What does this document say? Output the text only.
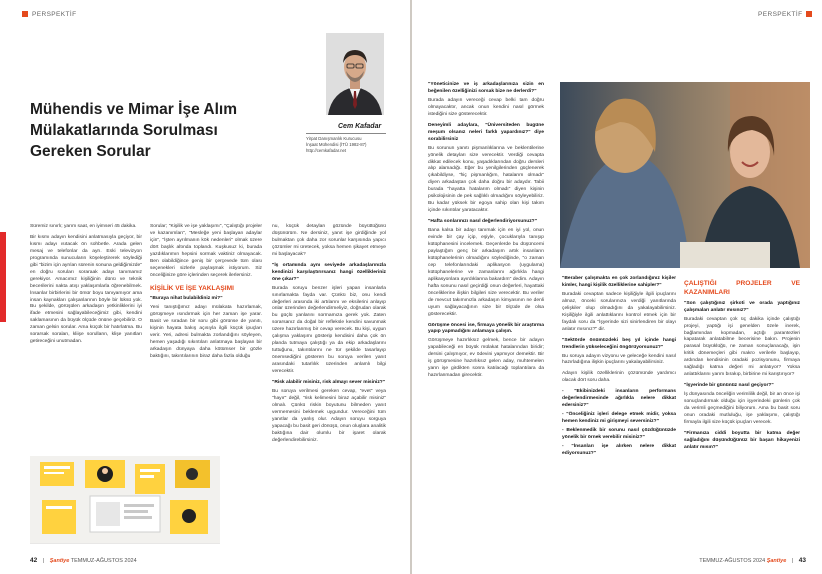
PERSPEKTİF
Mühendis ve Mimar İşe Alım Mülakatlarında Sorulması Gereken Sorular
Cem Kafadar
Yirpat Danışmanlık Kurucusu
İnşaat Mühendisi (İTÜ 1982-87)
http://cemkafadar.net

Süremiz sınırlı; yarım saat, en iyimseri 45 dakika.

Bir kısmı adayın kendisini anlatmasıyla geçiyor, bir kısmı adayı ısıtacak ön sohbetle. Arada gelen mesaj ve telefonlar da ayrı. Eski televizyon programında sunucuların köşeleştirerek söylediği gibi "bizim için ayrılan sürenin sonuna geldiğimizde" en doğru soruları soraraak adayı tanımamız gerekiyor. Amacımız kişiliğinin dünü ve teknik becerilerini nakta atışı yaklaşımlarla öğrenebilmek. İnsanlar birbirlerini bir ömür boyu tanıyamıyor ama insan kaynakları çalışanlarının böyle bir lüksü yok. Bu şekilde, görüşülen arkadaşın yetkinliklerini iyi ifade etmesini sağlayabileceğimiz gibi, kendini saklamasının da büyük ölçüde önüne geçebiliriz. O zaman gelsin sorular. Ama küçük bir hatırlatma. Bu sorarsak soraları, kliişe sorulların, klişe yanıtları getireceğini unutmadan.

Sorular; "Kişilik ve işe yaklaşımı", "Çalıştığı projeler ve kazanımları", "Mesleğe yeni başlayan adaylar için", "İşten ayrılmanın kök nedenleri" olmak üzere dört başlık altında toplandı. Kuşkusuz ki, burada yazdıklarımın hepsini sormak vaktiniz olmayacak. Ben olabildiğince geniş bir çerçevede tüm olası seçenekleri sizlerle paylaşmak istiyorum. Siz önceliğinize göre içlerinden seçerek ilerlersiniz.

KİŞİLİK VE İŞE YAKLAŞIMI

"Buraya nihat bulabildiniz mi?"

Yeni tanıştığımız adayı mülakata hazırlamak, görüşmeye ısındırmak için her zaman işe yarar. Basit ve sıradan bir soru gibi görünse de yanıtı, kişinin hayata bakış açısıyla ilgili küçük ipuçları verir. Yeri, adresi bulmakta zorlandığını söyleyen, hemen yaşadığı sıkıntıları anlatmaya başlayan bir arkadaşın dünyaya daha kötümser bir gözle baktığını, takıntılarının biraz daha fazla olduğu

nu, küçük detayları gözünde büyüttüğünü düşünürüm. Ne dersiniz, yanıt işe girdiğinde yol bulmaktan çok daha zor sorunlar karşısında yapıcı çözümler mi üretecek, yoksa hemen şikayet etmeye mi başlayacak?

"İş ortamında aynı seviyede arkadaşlarınızla kendinizi karşılaştırırsanız hangi özellikleriniz öne çıkar?"

Burada soruyu benzer işleri yapan insanlarla sınırlamakta fayda var. Çünkü biz, onu kendi değerleri arasında iki artılarını ve eksilerini anlayıp onlar üzerinden değerlendirmeliyiz, doğrudan olarak bu güçlü yanlarını sormamıza gerek yok. Zaten sorarsanız da doğal bir refleksle kendini savunmak üzere hazırlanmış bir cevap verecek. Bu kişi, uygun çalışma yaklaşımı gösterip kendisini daha çok ön planda tutmaya çalıştığı ya da ekip arkadaşlarını tuttuğunu, takıntılarını ne tür şekilde tasarlayıp önemsediğini gösteren bu soruya verilen yanıt arasındaki tutarlılık üzerinden anlamlı bilgi verecektir.

"Risk alabilir misiniz, risk almayı sever misiniz?"

Bu soruya verilmesi gereken cevap, "evet" veya "hayır" değil, "risk kelimesini biraz açabilir misiniz" olmalı. Çünkü riskin boyutunu bilmeden yanıt vermemesini beklemek uygundur. Vereceğini tüm yanıtlar da yanlış olur. Adayın soruyu sorguya yapacağı bu basit geri dönüşü, onun oluşlara analitik baktığına dair olumlu bir işaret olarak değerlendirebilirsiniz.

42 | Şantiye TEMMUZ-AĞUSTOS 2024
PERSPEKTİF

"Yöneticinize ve iş arkadaşlarınıza sizin en beğenilen özelliğinizi sorsak bize ne derlerdi?"

Burada adayın vereceği cevap belki tam doğru olmayacaktır, ancak onun kendini nasıl görmek istediğini size gösterecektir.

Deneyimli adaylara, "Üniversiteden bugüne meşum olsanız neleri farklı yapardınız?" diye sorabilirsiniz

Bu sorunun yanıtı pişmanlıklarına ve beklentilerine yönelik detayları size verecektir. Verdiği cevapta dikkat edilecek konu, yaşadıklarından doğru dersleri alıp alamadığı. Eğer bu yenilgilerinden güçlenerek çıkabildiyse, "hiç pişmanlığım, hatalarım olmadı" diyen arkadaştan çok daha doğru bir adaydır. Tabii burada "hayatta hatalarım olmadı" diyen kişinin psikolojisinin de pek sağlıklı olmadığını söyleyebiliriz. Bu kadar yüksek bir egoya sahip olan kişi takım içinde sıkıntılar yaratacaktır.

"Hafta sonlarınızı nasıl değerlendiriyorsunuz?"

Bana kalsa bir adayı tanımak için en iyi yol, onun evinde bir çay içip, eşiyle, çocuklarıyla tanışıp kütüphanesini incelemek. Geçenlerde bu düşüncemi paylaştığım genç bir arkadaşım artık insanların kütüphanelerinin olmadığını söylediğinde, "o zaman cep telefonlarındaki aplikasyon (uygulama) kütüphanelerine ve zamanlarını ağırlıkla hangi aplikasyonlara ayırdıklarına bakardım" dedim. Adayın hafta sonunu nasıl geçirdiği onun değerleri, hayattaki önceliklerine ilişkin bilgileri size verecektir. Bu veriler de mevcut takımınızla arkadaşın kimyasının ne denli uyum sağlayacağının size bir ölçüde de olsa gösterecektir.

Görüşme öncesi ise, firmaya yönelik bir araştırma yapıp yapmadığını anlamaya çalışın.

Görüşmeye hazırlıksız gelmek, bence bir adayın yapabileceği en büyük mülakat hatalarından biridir; dersini çalışmıyor, ev ödevini yapmıyor demektir. Bir iş görüşmesine hazırlıksız gelen aday, muhtemelen yarın işe girdikten sonra katılacağı toplantılara da hazırlanmadan girecektir.

"Beraber çalışmakta en çok zorlandığınız kişiler kimler, hangi kişilik özelliklerine sahipler?"

Buradaki cevaptan sadece kişiliğiyle ilgili ipuçlarını almaz, önceki sorularınıza verdiği yanıtlarında çelişkiler olup olmadığını da yakalayabilirsiniz. Kişiliğiyle ilgili anlattıklarını kontrol etmek için bir faydalı soru da "İşyerinde sizi sinirlendiren bir olayı anlatır mısınız?" dir.

"Sektörde önümüzdeki beş yıl içinde hangi trendlerin yükseleceğini öngörüyorsunuz?"

Bu soruya adayın vizyonu ve geleceğe kendini nasıl hazırladığına ilişkin ipuçlarını yakalayabilirsiniz.

Adayın kişilik özelliklerinin çözümünde yardımcı olacak dört soru daha.

- "Ekibinizdeki insanların performans değerlendirmesinde ağırlıkla nelere dikkat edersiniz?"

- "Önceliğiniz işleri delege etmek midir, yoksa hemen kendiniz mi girişmeyi seversiniz?"

- Beklenmedik bir sorunu nasıl çözdüğünüzde yönelik bir örnek verebilir misiniz?"

- "İnsanları işe alırken nelere dikkat ediyorsunuz?"

ÇALIŞTIĞI PROJELER VE KAZANIMLARI

"Son çalıştığınız şirkoti ve orada yaptığınız çalışmaları anlatır mısınız?"

Buradaki cevaptan çok üç dakika içinde çalıştığı projeyi, yaptığı işi genelden özele inerek, bağlamından kopmadan, açtığı parantezleri kapatarak anlatabilme becerisine bakın. Projenin parasal büyüklüğü, ne zaman sonuçlanacağı, işin kritik dönemeçleri gibi makro verilerle başlayıp, ardından kendisinin oradaki pozisyonunu, firmaya sağladığı katma değeri mi anlatıyor? Yoksa anlattıklarını yarım bırakıp, birbirine mi karıştırıyor?

"İşyerinde bir gününüz nasıl geçiyor?"

İş dünyasında önceliğin verimlilik değil, bir an önce işi sonuçlandırmak olduğu için işyerindeki günlerin çok da verimli geçmediğini biliyorum. Ama bu basit soru onun oradaki mutluluğu, işe yaklaşımı, çalıştığı firmayla ilgili size küçük ipuçları verecek.

"Firmanıza ciddi boyutta bir katma değer sağladığını düşündüğünüz bir başarı hikayenizi anlatır mısın?"

TEMMUZ-AĞUSTOS 2024 Şantiye | 43
